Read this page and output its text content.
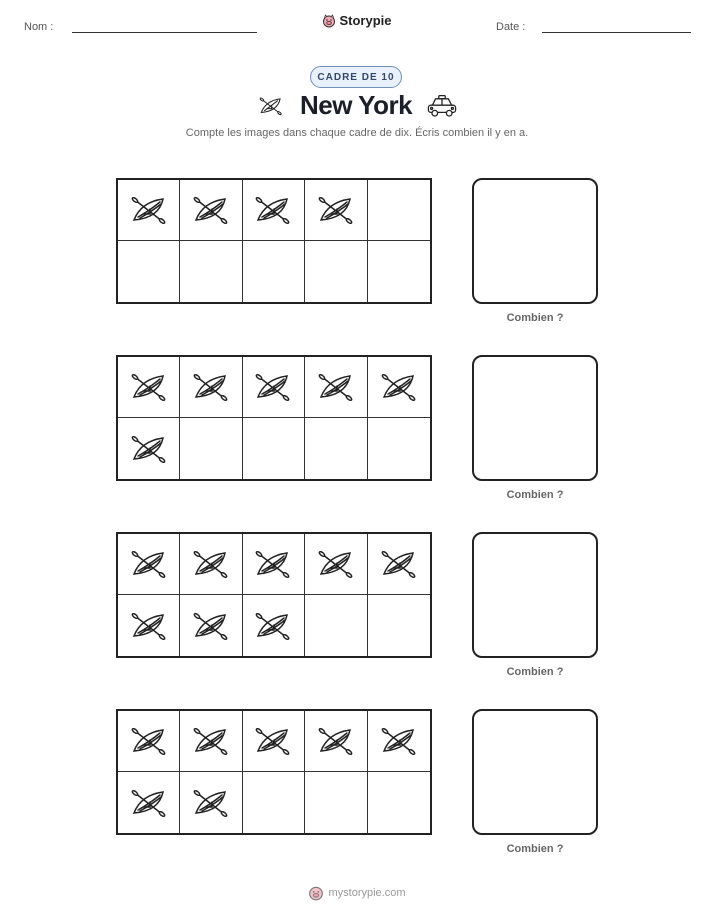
Nom :	Storypie	Date :
CADRE DE 10
New York
Compte les images dans chaque cadre de dix. Écris combien il y en a.
Combien ?
Combien ?
Combien ?
Combien ?
mystorypie.com
